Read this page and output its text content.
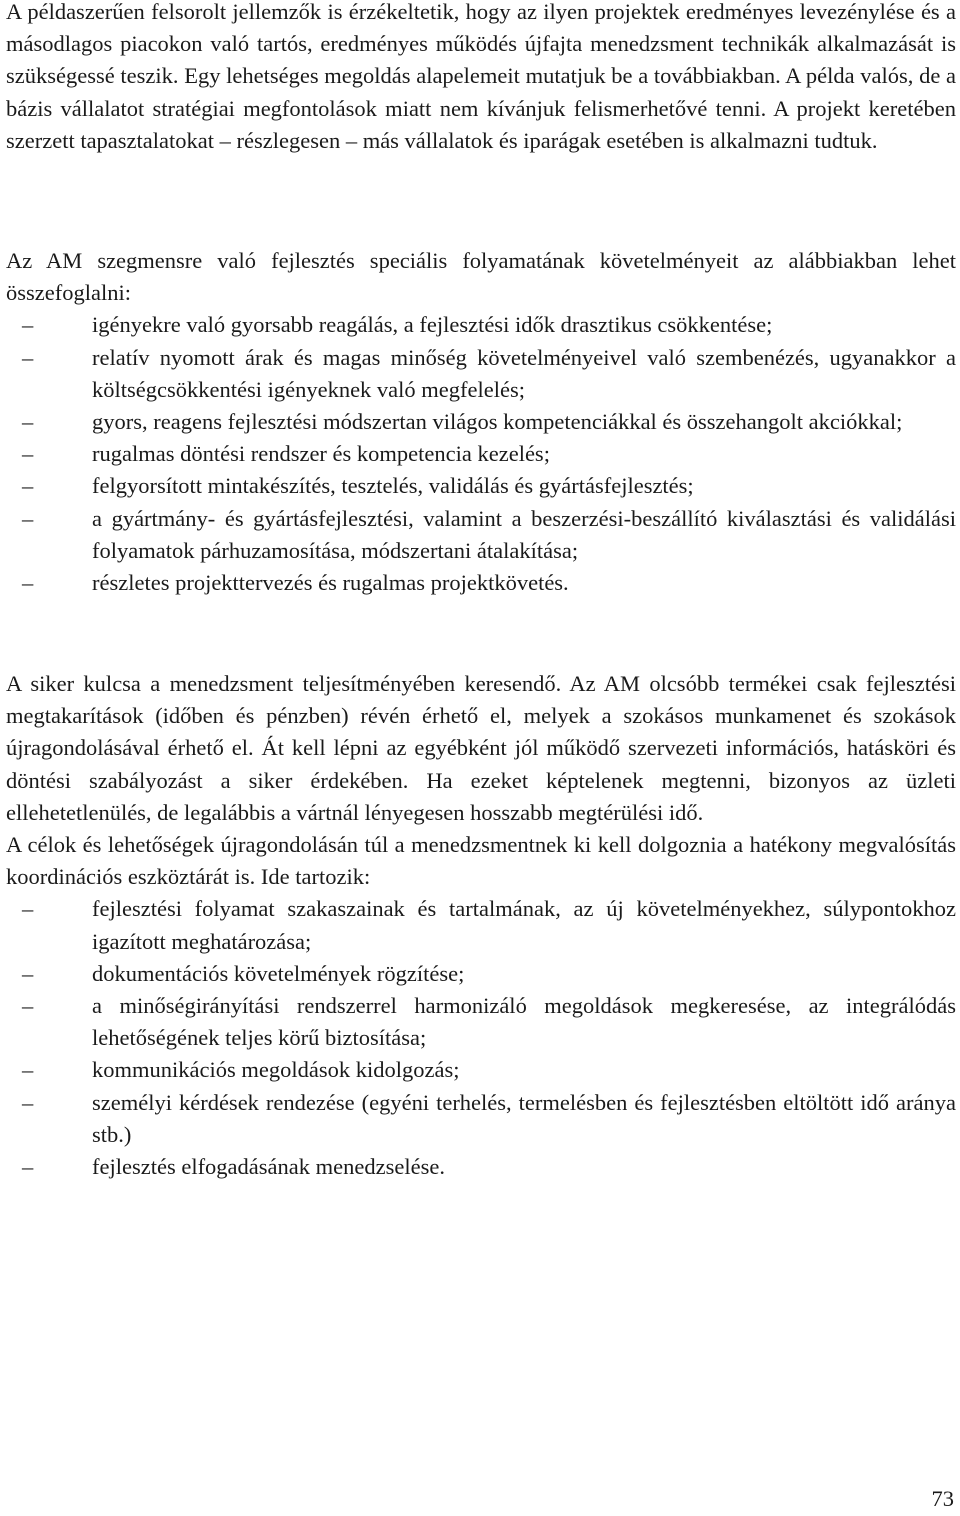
A példaszerűen felsorolt jellemzők is érzékeltetik, hogy az ilyen projektek eredményes levezénylése és a másodlagos piacokon való tartós, eredményes működés újfajta menedzsment technikák alkalmazását is szükségessé teszik. Egy lehetséges megoldás alapelemeit mutatjuk be a továbbiakban. A példa valós, de a bázis vállalatot stratégiai megfontolások miatt nem kívánjuk felismerhetővé tenni. A projekt keretében szerzett tapasztalatokat – részlegesen – más vállalatok és iparágak esetében is alkalmazni tudtuk.

Az AM szegmensre való fejlesztés speciális folyamatának követelményeit az alábbiakban lehet összefoglalni:

–	igényekre való gyorsabb reagálás, a fejlesztési idők drasztikus csökkentése;
–	relatív nyomott árak és magas minőség követelményeivel való szembenézés, ugyanakkor a költségcsökkentési igényeknek való megfelelés;
–	gyors, reagens fejlesztési módszertan világos kompetenciákkal és összehangolt akciókkal;
–	rugalmas döntési rendszer és kompetencia kezelés;
–	felgyorsított mintakészítés, tesztelés, validálás és gyártásfejlesztés;
–	a gyártmány- és gyártásfejlesztési, valamint a beszerzési-beszállító kiválasztási és validálási folyamatok párhuzamosítása, módszertani átalakítása;
–	részletes projekttervezés és rugalmas projektkövetés.

A siker kulcsa a menedzsment teljesítményében keresendő. Az AM olcsóbb termékei csak fejlesztési megtakarítások (időben és pénzben) révén érhető el, melyek a szokásos munkamenet és szokások újragondolásával érhető el. Át kell lépni az egyébként jól működő szervezeti információs, hatásköri és döntési szabályozást a siker érdekében. Ha ezeket képtelenek megtenni, bizonyos az üzleti ellehetetlenülés, de legalábbis a vártnál lényegesen hosszabb megtérülési idő.

A célok és lehetőségek újragondolásán túl a menedzsmentnek ki kell dolgoznia a hatékony megvalósítás koordinációs eszköztárát is. Ide tartozik:

–	fejlesztési folyamat szakaszainak és tartalmának, az új követelményekhez, súlypontokhoz igazított meghatározása;
–	dokumentációs követelmények rögzítése;
–	a minőségirányítási rendszerrel harmonizáló megoldások megkeresése, az integrálódás lehetőségének teljes körű biztosítása;
–	kommunikációs megoldások kidolgozás;
–	személyi kérdések rendezése (egyéni terhelés, termelésben és fejlesztésben eltöltött idő aránya stb.)
–	fejlesztés elfogadásának menedzselése.
73
